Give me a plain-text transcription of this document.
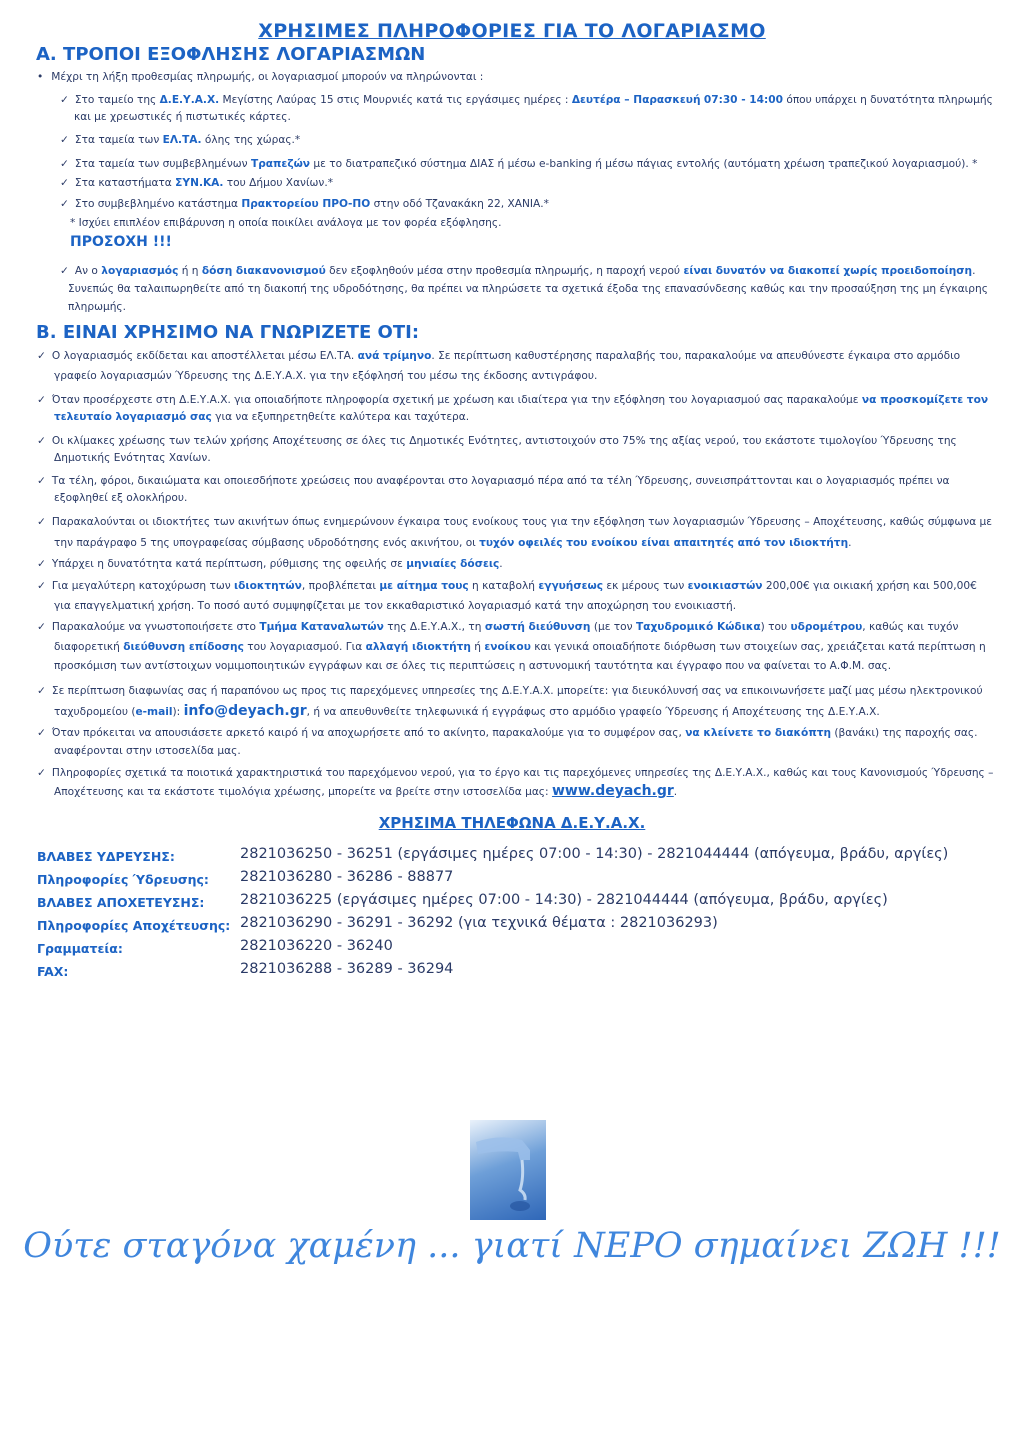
ΧΡΗΣΙΜΕΣ ΠΛΗΡΟΦΟΡΙΕΣ ΓΙΑ ΤΟ ΛΟΓΑΡΙΑΣΜΟ
Α. ΤΡΟΠΟΙ ΕΞΟΦΛΗΣΗΣ ΛΟΓΑΡΙΑΣΜΩΝ
• Μέχρι τη λήξη προθεσμίας πληρωμής, οι λογαριασμοί μπορούν να πληρώνονται :
✓ Στο ταμείο της Δ.Ε.Υ.Α.Χ. Μεγίστης Λαύρας 15 στις Μουρνιές κατά τις εργάσιμες ημέρες : Δευτέρα – Παρασκευή 07:30 - 14:00 όπου υπάρχει η δυνατότητα πληρωμής
και με χρεωστικές ή πιστωτικές κάρτες.
✓ Στα ταμεία των ΕΛ.ΤΑ. όλης της χώρας.*
✓ Στα ταμεία των συμβεβλημένων Τραπεζών με το διατραπεζικό σύστημα ΔΙΑΣ ή μέσω e-banking ή μέσω πάγιας εντολής (αυτόματη χρέωση τραπεζικού λογαριασμού). *
✓ Στα καταστήματα ΣΥΝ.ΚΑ. του Δήμου Χανίων.*
✓ Στο συμβεβλημένο κατάστημα Πρακτορείου ΠΡΟ-ΠΟ στην οδό Τζανακάκη 22, ΧΑΝΙΑ.*
* Ισχύει επιπλέον επιβάρυνση η οποία ποικίλει ανάλογα με τον φορέα εξόφλησης.
ΠΡΟΣΟΧΗ !!!
✓ Αν ο λογαριασμός ή η δόση διακανονισμού δεν εξοφληθούν μέσα στην προθεσμία πληρωμής, η παροχή νερού είναι δυνατόν να διακοπεί χωρίς προειδοποίηση.
Συνεπώς θα ταλαιπωρηθείτε από τη διακοπή της υδροδότησης, θα πρέπει να πληρώσετε τα σχετικά έξοδα της επανασύνδεσης καθώς και την προσαύξηση της μη έγκαιρης
πληρωμής.
Β. ΕΙΝΑΙ ΧΡΗΣΙΜΟ ΝΑ ΓΝΩΡΙΖΕΤΕ ΟΤΙ:
✓ Ο λογαριασμός εκδίδεται και αποστέλλεται μέσω ΕΛ.ΤΑ. ανά τρίμηνο. Σε περίπτωση καθυστέρησης παραλαβής του, παρακαλούμε να απευθύνεστε έγκαιρα στο αρμόδιο
γραφείο λογαριασμών Ύδρευσης της Δ.Ε.Υ.Α.Χ. για την εξόφλησή του μέσω της έκδοσης αντιγράφου.
✓ Όταν προσέρχεστε στη Δ.Ε.Υ.Α.Χ. για οποιαδήποτε πληροφορία σχετική με χρέωση και ιδιαίτερα για την εξόφληση του λογαριασμού σας παρακαλούμε να προσκομίζετε τον
τελευταίο λογαριασμό σας για να εξυπηρετηθείτε καλύτερα και ταχύτερα.
✓ Οι κλίμακες χρέωσης των τελών χρήσης Αποχέτευσης σε όλες τις Δημοτικές Ενότητες, αντιστοιχούν στο 75% της αξίας νερού, του εκάστοτε τιμολογίου Ύδρευσης της
Δημοτικής Ενότητας Χανίων.
✓ Τα τέλη, φόροι, δικαιώματα και οποιεσδήποτε χρεώσεις που αναφέρονται στο λογαριασμό πέρα από τα τέλη Ύδρευσης, συνεισπράττονται και ο λογαριασμός πρέπει να
εξοφληθεί εξ ολοκλήρου.
✓ Παρακαλούνται οι ιδιοκτήτες των ακινήτων όπως ενημερώνουν έγκαιρα τους ενοίκους τους για την εξόφληση των λογαριασμών Ύδρευσης – Αποχέτευσης, καθώς σύμφωνα με
την παράγραφο 5 της υπογραφείσας σύμβασης υδροδότησης ενός ακινήτου, οι τυχόν οφειλές του ενοίκου είναι απαιτητές από τον ιδιοκτήτη.
✓ Υπάρχει η δυνατότητα κατά περίπτωση, ρύθμισης της οφειλής σε μηνιαίες δόσεις.
✓ Για μεγαλύτερη κατοχύρωση των ιδιοκτητών, προβλέπεται με αίτημα τους η καταβολή εγγυήσεως εκ μέρους των ενοικιαστών 200,00€ για οικιακή χρήση και 500,00€
για επαγγελματική χρήση. Το ποσό αυτό συμψηφίζεται με τον εκκαθαριστικό λογαριασμό κατά την αποχώρηση του ενοικιαστή.
✓ Παρακαλούμε να γνωστοποιήσετε στο Τμήμα Καταναλωτών της Δ.Ε.Υ.Α.Χ., τη σωστή διεύθυνση (με τον Ταχυδρομικό Κώδικα) του υδρομέτρου, καθώς και τυχόν
διαφορετική διεύθυνση επίδοσης του λογαριασμού. Για αλλαγή ιδιοκτήτη ή ενοίκου και γενικά οποιαδήποτε διόρθωση των στοιχείων σας, χρειάζεται κατά περίπτωση η
προσκόμιση των αντίστοιχων νομιμοποιητικών εγγράφων και σε όλες τις περιπτώσεις η αστυνομική ταυτότητα και έγγραφο που να φαίνεται το Α.Φ.Μ. σας.
✓ Σε περίπτωση διαφωνίας σας ή παραπόνου ως προς τις παρεχόμενες υπηρεσίες της Δ.Ε.Υ.Α.Χ. μπορείτε: για διευκόλυνσή σας να επικοινωνήσετε μαζί μας μέσω ηλεκτρονικού
ταχυδρομείου (e-mail): info@deyach.gr, ή να απευθυνθείτε τηλεφωνικά ή εγγράφως στο αρμόδιο γραφείο Ύδρευσης ή Αποχέτευσης της Δ.Ε.Υ.Α.Χ.
✓ Όταν πρόκειται να απουσιάσετε αρκετό καιρό ή να αποχωρήσετε από το ακίνητο, παρακαλούμε για το συμφέρον σας, να κλείνετε το διακόπτη (βανάκι) της παροχής σας.
αναφέρονται στην ιστοσελίδα μας.
✓ Πληροφορίες σχετικά τα ποιοτικά χαρακτηριστικά του παρεχόμενου νερού, για το έργο και τις παρεχόμενες υπηρεσίες της Δ.Ε.Υ.Α.Χ., καθώς και τους Κανονισμούς Ύδρευσης –
Αποχέτευσης και τα εκάστοτε τιμολόγια χρέωσης, μπορείτε να βρείτε στην ιστοσελίδα μας: www.deyach.gr.
ΧΡΗΣΙΜΑ ΤΗΛΕΦΩΝΑ Δ.Ε.Υ.Α.Χ.
ΒΛΑΒΕΣ ΥΔΡΕΥΣΗΣ:	2821036250 - 36251 (εργάσιμες ημέρες 07:00 - 14:30) - 2821044444 (απόγευμα, βράδυ, αργίες)
Πληροφορίες Ύδρευσης: 2821036280 - 36286 - 88877
ΒΛΑΒΕΣ ΑΠΟΧΕΤΕΥΣΗΣ: 2821036225 (εργάσιμες ημέρες 07:00 - 14:30) - 2821044444 (απόγευμα, βράδυ, αργίες)
Πληροφορίες Αποχέτευσης: 2821036290 - 36291 - 36292 (για τεχνικά θέματα : 2821036293)
Γραμματεία:	2821036220 - 36240
FAX:	2821036288 - 36289 - 36294
Ούτε σταγόνα χαμένη ... γιατί ΝΕΡΟ σημαίνει ΖΩΗ !!!
